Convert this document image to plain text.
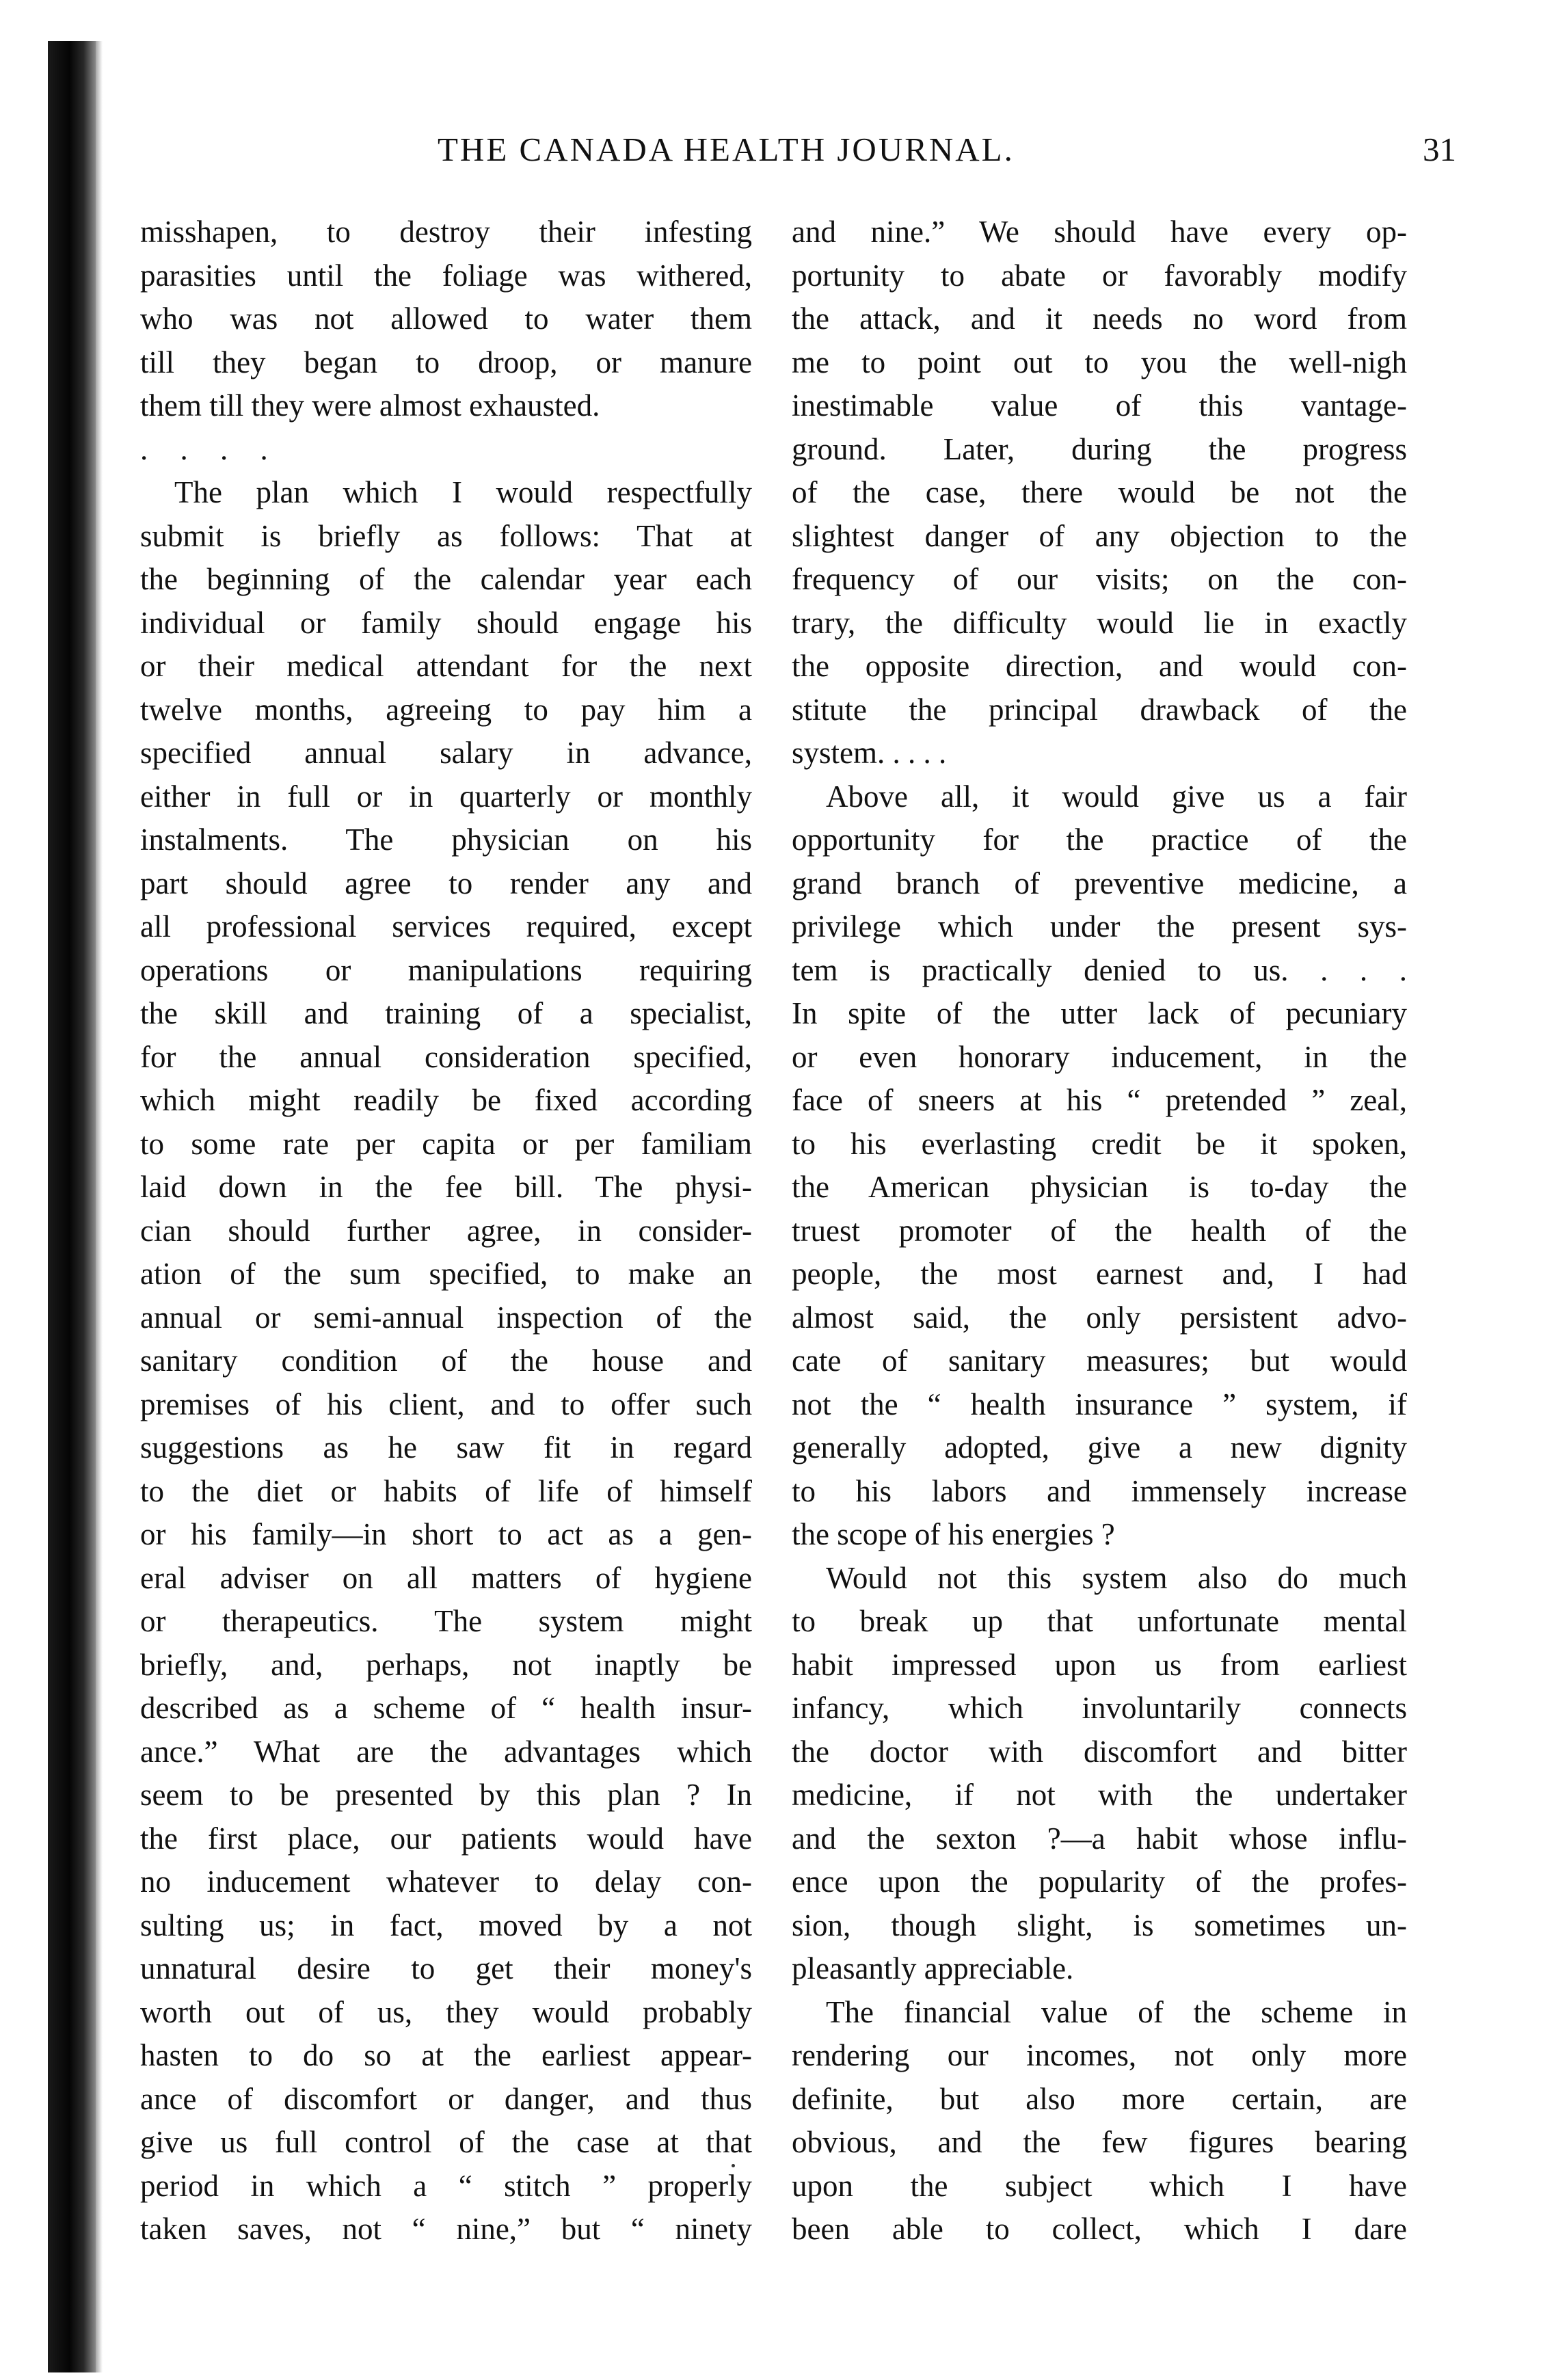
THE CANADA HEALTH JOURNAL.	31
misshapen, to destroy their infesting
parasities until the foliage was withered,
who was not allowed to water them
till they began to droop, or manure
them till they were almost exhausted.
. . . .
The plan which I would respectfully
submit is briefly as follows: That at
the beginning of the calendar year each
individual or family should engage his
or their medical attendant for the next
twelve months, agreeing to pay him a
specified annual salary in advance,
either in full or in quarterly or monthly
instalments. The physician on his
part should agree to render any and
all professional services required, except
operations or manipulations requiring
the skill and training of a specialist,
for the annual consideration specified,
which might readily be fixed according
to some rate per capita or per familiam
laid down in the fee bill. The physi-
cian should further agree, in consider-
ation of the sum specified, to make an
annual or semi-annual inspection of the
sanitary condition of the house and
premises of his client, and to offer such
suggestions as he saw fit in regard
to the diet or habits of life of himself
or his family—in short to act as a gen-
eral adviser on all matters of hygiene
or therapeutics. The system might
briefly, and, perhaps, not inaptly be
described as a scheme of “ health insur-
ance.” What are the advantages which
seem to be presented by this plan ? In
the first place, our patients would have
no inducement whatever to delay con-
sulting us; in fact, moved by a not
unnatural desire to get their money's
worth out of us, they would probably
hasten to do so at the earliest appear-
ance of discomfort or danger, and thus
give us full control of the case at that
period in which a “ stitch ” properly
taken saves, not “ nine,” but “ ninety
and nine.” We should have every op-
portunity to abate or favorably modify
the attack, and it needs no word from
me to point out to you the well-nigh
inestimable value of this vantage-
ground. Later, during the progress
of the case, there would be not the
slightest danger of any objection to the
frequency of our visits; on the con-
trary, the difficulty would lie in exactly
the opposite direction, and would con-
stitute the principal drawback of the
system. . . . .
Above all, it would give us a fair
opportunity for the practice of the
grand branch of preventive medicine, a
privilege which under the present sys-
tem is practically denied to us. . . .
In spite of the utter lack of pecuniary
or even honorary inducement, in the
face of sneers at his “ pretended ” zeal,
to his everlasting credit be it spoken,
the American physician is to-day the
truest promoter of the health of the
people, the most earnest and, I had
almost said, the only persistent advo-
cate of sanitary measures; but would
not the “ health insurance ” system, if
generally adopted, give a new dignity
to his labors and immensely increase
the scope of his energies ?
Would not this system also do much
to break up that unfortunate mental
habit impressed upon us from earliest
infancy, which involuntarily connects
the doctor with discomfort and bitter
medicine, if not with the undertaker
and the sexton ?—a habit whose influ-
ence upon the popularity of the profes-
sion, though slight, is sometimes un-
pleasantly appreciable.
The financial value of the scheme in
rendering our incomes, not only more
definite, but also more certain, are
obvious, and the few figures bearing
upon the subject which I have
been able to collect, which I dare
